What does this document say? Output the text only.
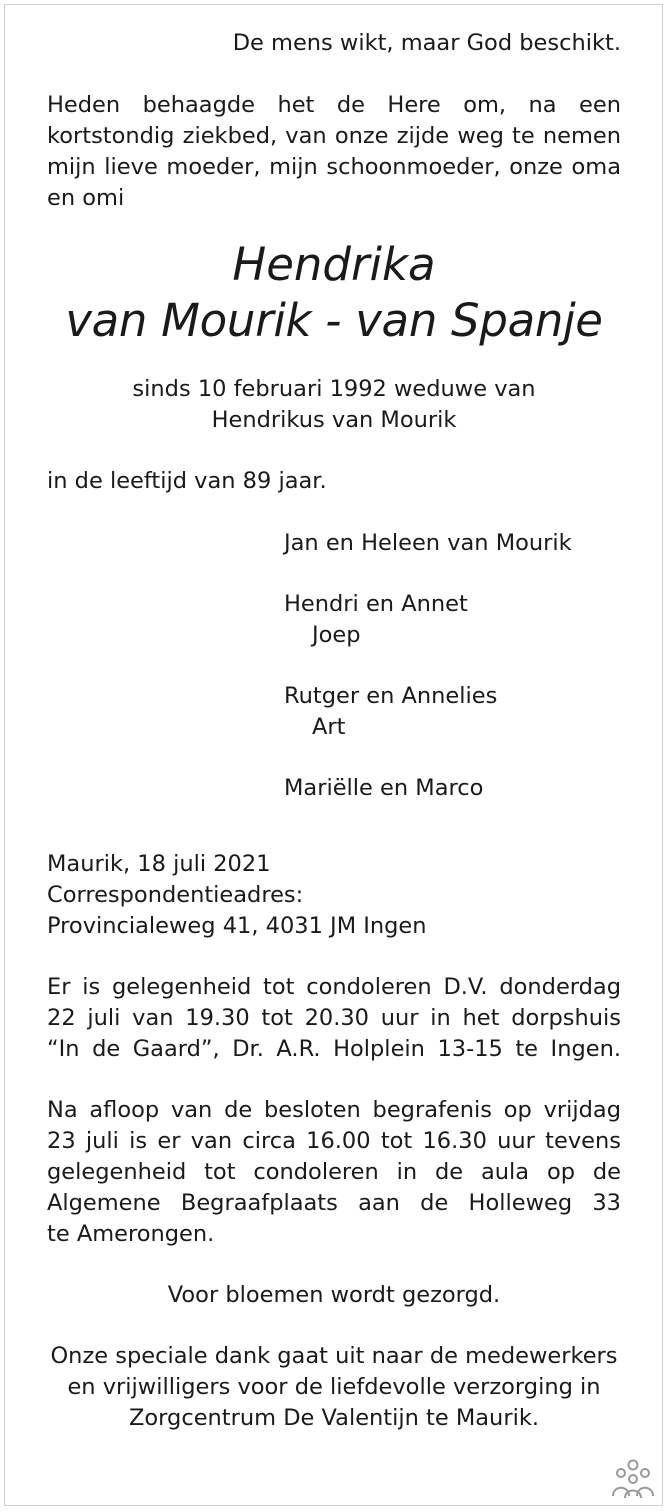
De mens wikt, maar God beschikt.

Heden behaagde het de Here om, na een
kortstondig ziekbed, van onze zijde weg te nemen
mijn lieve moeder, mijn schoonmoeder, onze oma
en omi

Hendrika
van Mourik - van Spanje

sinds 10 februari 1992 weduwe van
Hendrikus van Mourik

in de leeftijd van 89 jaar.

Jan en Heleen van Mourik
Hendri en Annet
Joep
Rutger en Annelies
Art
Mariëlle en Marco

Maurik, 18 juli 2021
Correspondentieadres:
Provincialeweg 41, 4031 JM Ingen

Er is gelegenheid tot condoleren D.V. donderdag
22 juli van 19.30 tot 20.30 uur in het dorpshuis
“In de Gaard”, Dr. A.R. Holplein 13-15 te Ingen.

Na afloop van de besloten begrafenis op vrijdag
23 juli is er van circa 16.00 tot 16.30 uur tevens
gelegenheid tot condoleren in de aula op de
Algemene Begraafplaats aan de Holleweg 33
te Amerongen.

Voor bloemen wordt gezorgd.

Onze speciale dank gaat uit naar de medewerkers
en vrijwilligers voor de liefdevolle verzorging in
Zorgcentrum De Valentijn te Maurik.
